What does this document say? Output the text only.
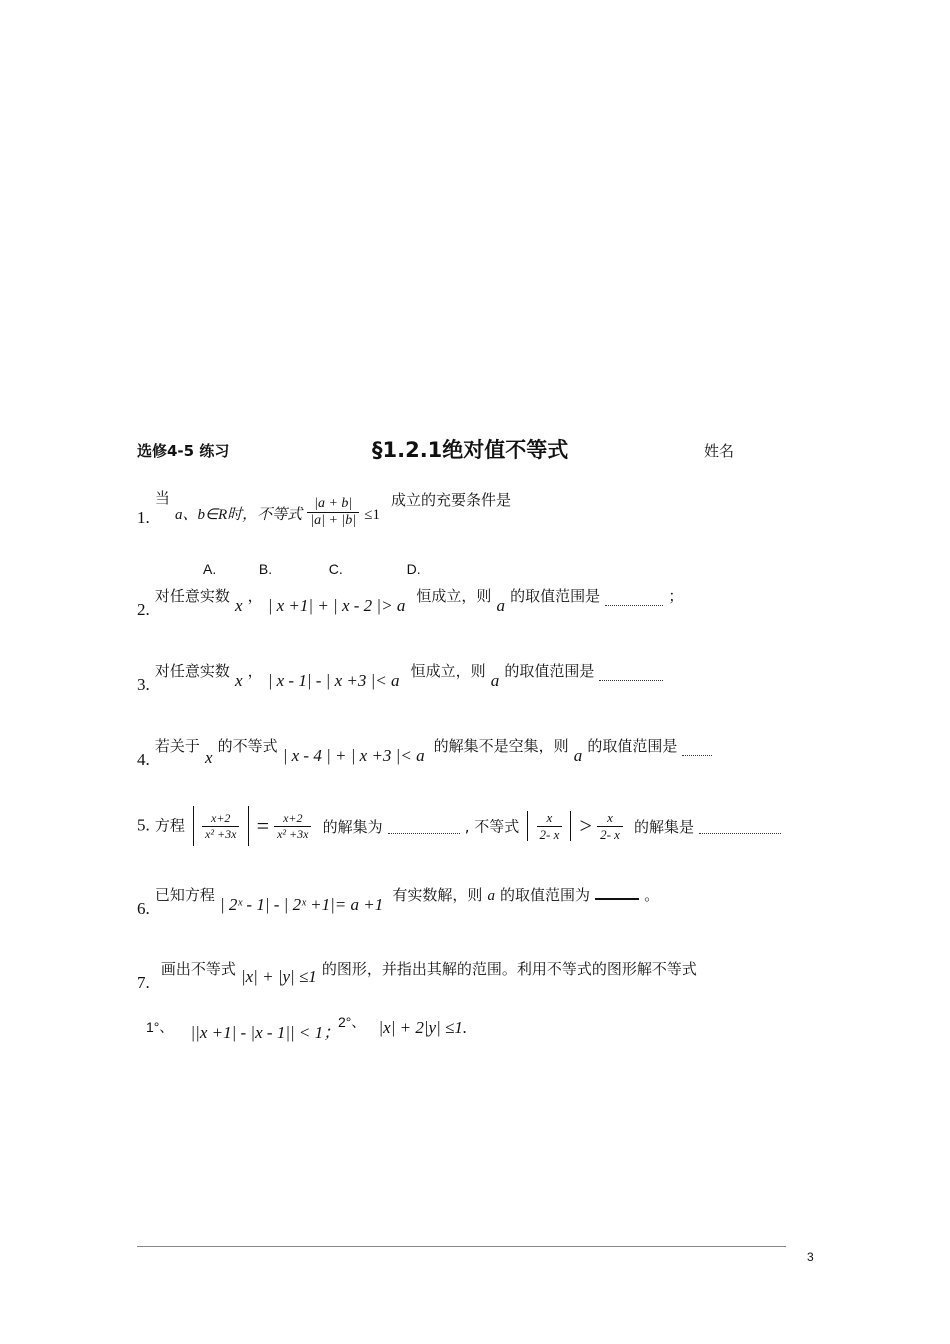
选修4-5 练习	§1.2.1绝对值不等式	姓名
1. 当 a、b∈R时，不等式 $\frac{|a + b|}{|a| + |b|} \le 1$ 成立的充要条件是
A.	B.	C.	D.
2. 对任意实数 x ， | x +1| + | x - 2 |> a 恒成立，则 a 的取值范围是	；
3. 对任意实数 x ， | x - 1| - | x +3 |< a 恒成立，则 a 的取值范围是
4. 若关于 x 的不等式 | x - 4 | + | x +3 |< a 的解集不是空集，则 a 的取值范围是
5. 方程 $\frac{x+2}{\text{x² +3x}} = \frac{x+2}{\text{x² +3x}}$ 的解集为	, 不等式 $\frac{x}{2- x} > \frac{x}{2- x}$ 的解集是
6. 已知方程 | 2ˣ - 1| - | 2ˣ +1|= a +1 有实数解，则 a 的取值范围为	。
7. 画出不等式 |x| + |y| ≤1 的图形，并指出其解的范围。利用不等式的图形解不等式
1°、 ||x +1| - |x - 1|| < 1；
2°、 |x| + 2|y| ≤1.
3
